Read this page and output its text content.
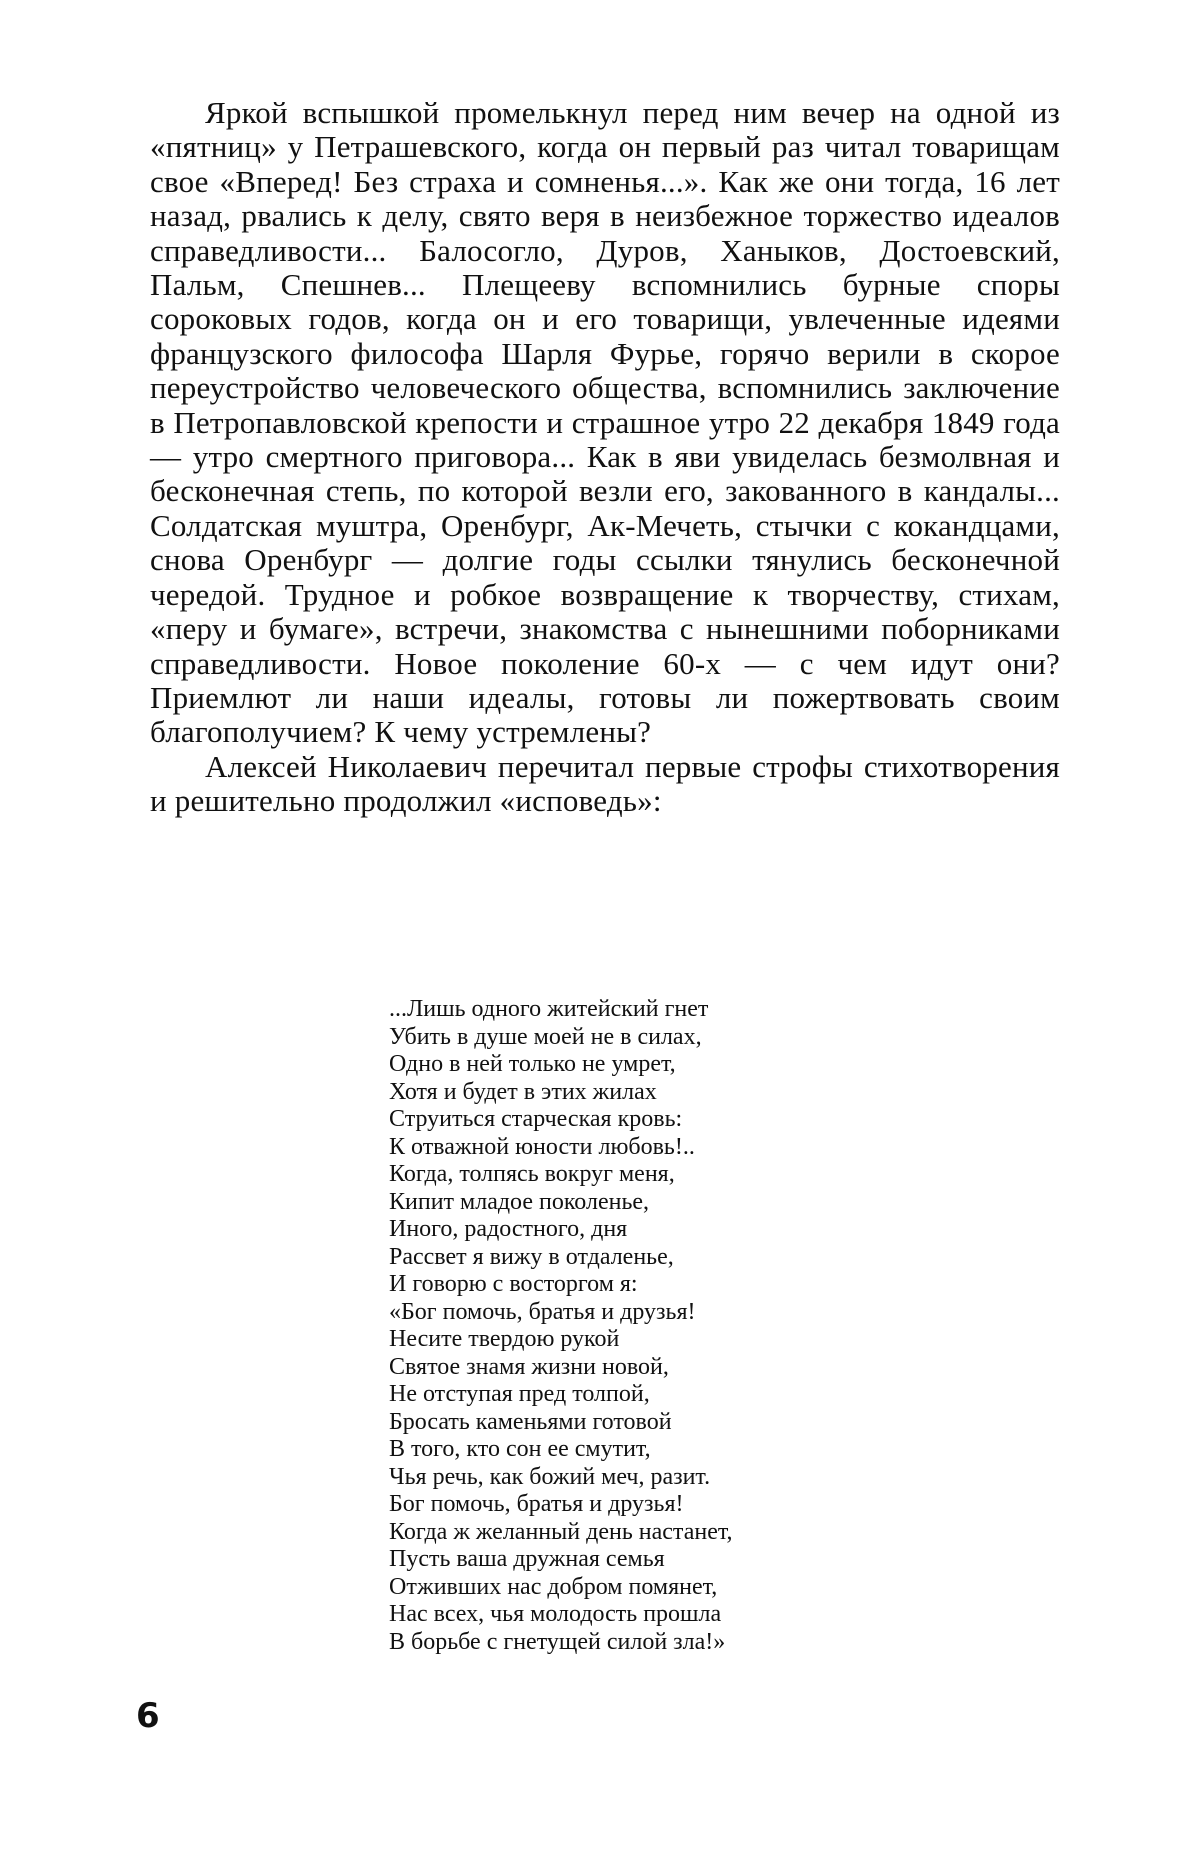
Яркой вспышкой промелькнул перед ним вечер на одной из «пятниц» у Петрашевского, когда он первый раз читал товарищам свое «Вперед! Без страха и сомненья...». Как же они тогда, 16 лет назад, рвались к делу, свято веря в неизбежное торжество идеалов справедливости... Балосогло, Дуров, Ханыков, Достоевский, Пальм, Спешнев... Плещееву вспомнились бурные споры сороковых годов, когда он и его товарищи, увлеченные идеями французского философа Шарля Фурье, горячо верили в скорое переустройство человеческого общества, вспомнились заключение в Петропавловской крепости и страшное утро 22 декабря 1849 года — утро смертного приговора... Как в яви увиделась безмолвная и бесконечная степь, по которой везли его, закованного в кандалы... Солдатская муштра, Оренбург, Ак-Мечеть, стычки с кокандцами, снова Оренбург — долгие годы ссылки тянулись бесконечной чередой. Трудное и робкое возвращение к творчеству, стихам, «перу и бумаге», встречи, знакомства с нынешними поборниками справедливости. Новое поколение 60-х — с чем идут они? Приемлют ли наши идеалы, готовы ли пожертвовать своим благополучием? К чему устремлены?

Алексей Николаевич перечитал первые строфы стихотворения и решительно продолжил «исповедь»:

...Лишь одного житейский гнет
Убить в душе моей не в силах,
Одно в ней только не умрет,
Хотя и будет в этих жилах
Струиться старческая кровь:
К отважной юности любовь!..
Когда, толпясь вокруг меня,
Кипит младое поколенье,
Иного, радостного, дня
Рассвет я вижу в отдаленье,
И говорю с восторгом я:
«Бог помочь, братья и друзья!
Несите твердою рукой
Святое знамя жизни новой,
Не отступая пред толпой,
Бросать каменьями готовой
В того, кто сон ее смутит,
Чья речь, как божий меч, разит.
Бог помочь, братья и друзья!
Когда ж желанный день настанет,
Пусть ваша дружная семья
Отживших нас добром помянет,
Нас всех, чья молодость прошла
В борьбе с гнетущей силой зла!»
6
